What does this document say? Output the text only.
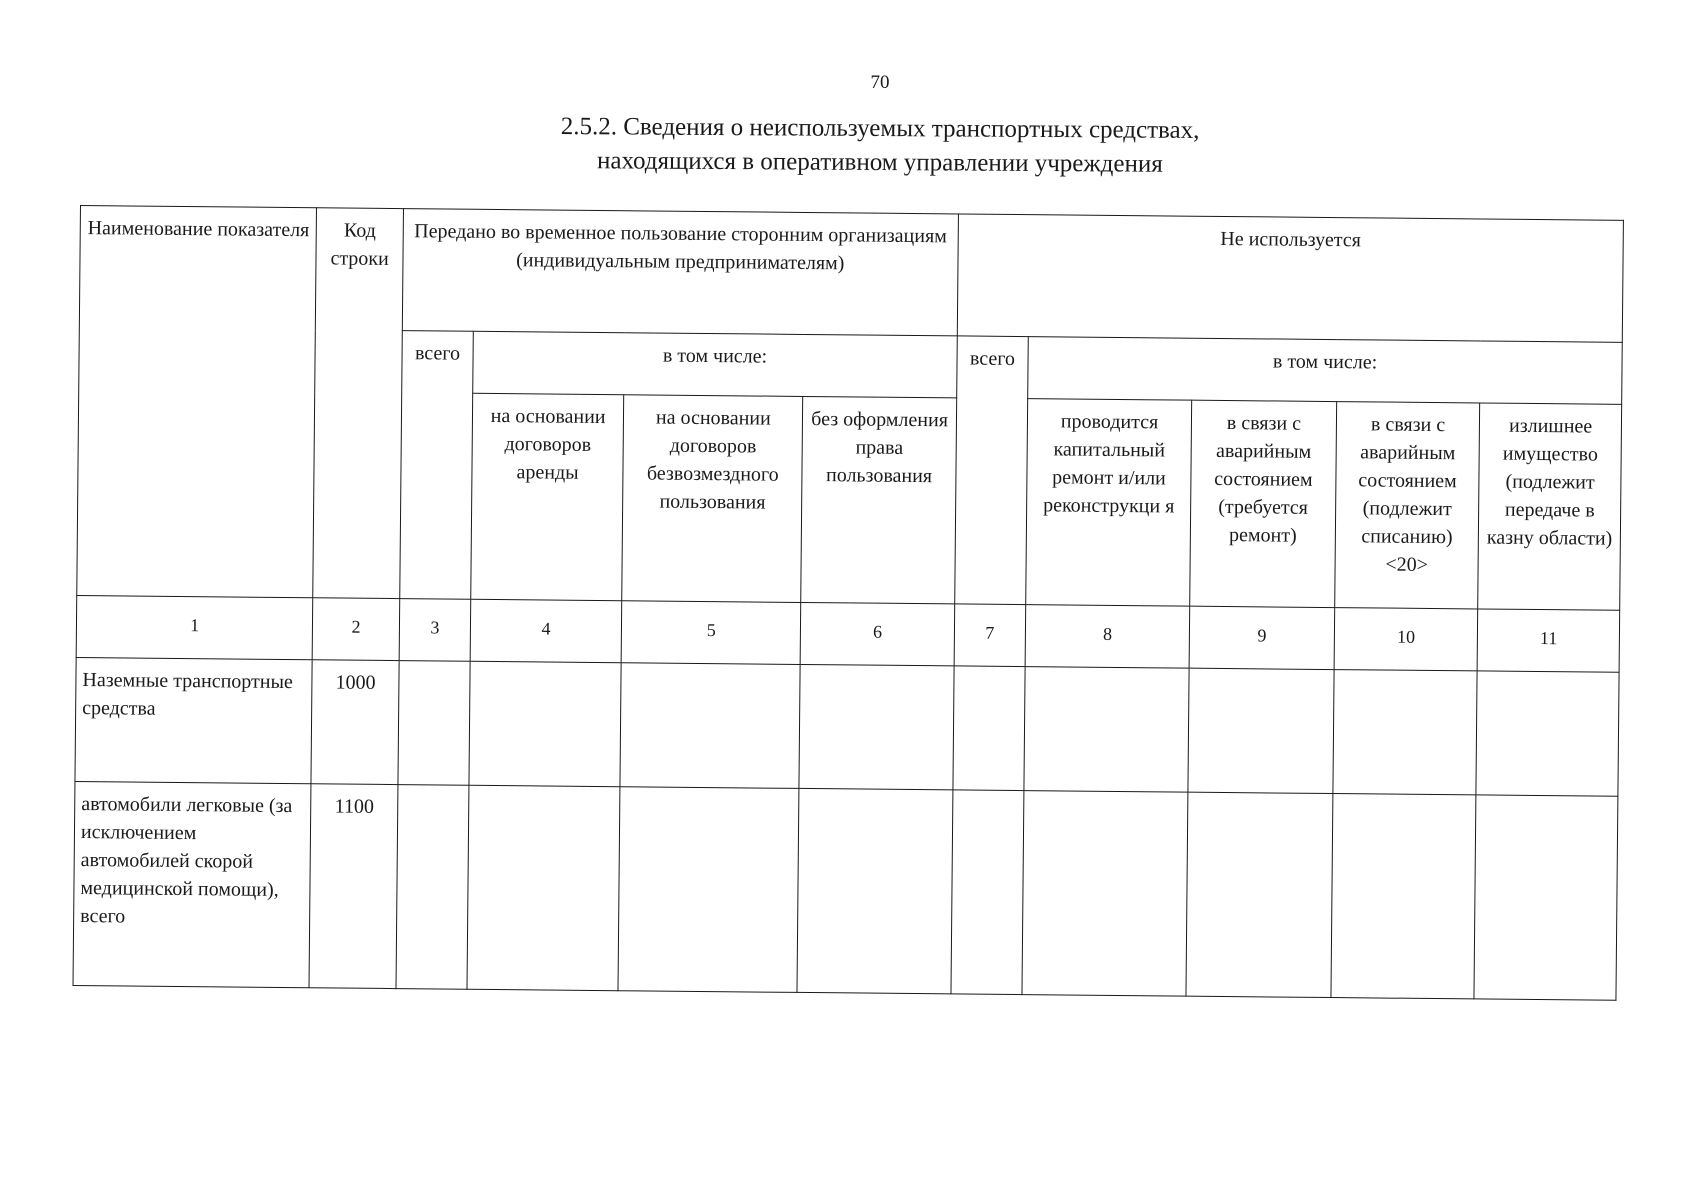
70
2.5.2. Сведения о неиспользуемых транспортных средствах,
находящихся в оперативном управлении учреждения
Наименование показателя	Код строки	Передано во временное пользование сторонним организациям (индивидуальным предпринимателям)				Не используется				
		всего	в том числе:			всего	в том числе:			
			на основании договоров аренды	на основании договоров безвозмездного пользования	без оформления права пользования		проводится капитальный ремонт и/или реконструкци я	в связи с аварийным состоянием (требуется ремонт)	в связи с аварийным состоянием (подлежит списанию) <20>	излишнее имущество (подлежит передаче в казну области)
1	2	3	4	5	6	7	8	9	10	11
Наземные транспортные средства	1000									
автомобили легковые (за исключением автомобилей скорой медицинской помощи), всего	1100									
